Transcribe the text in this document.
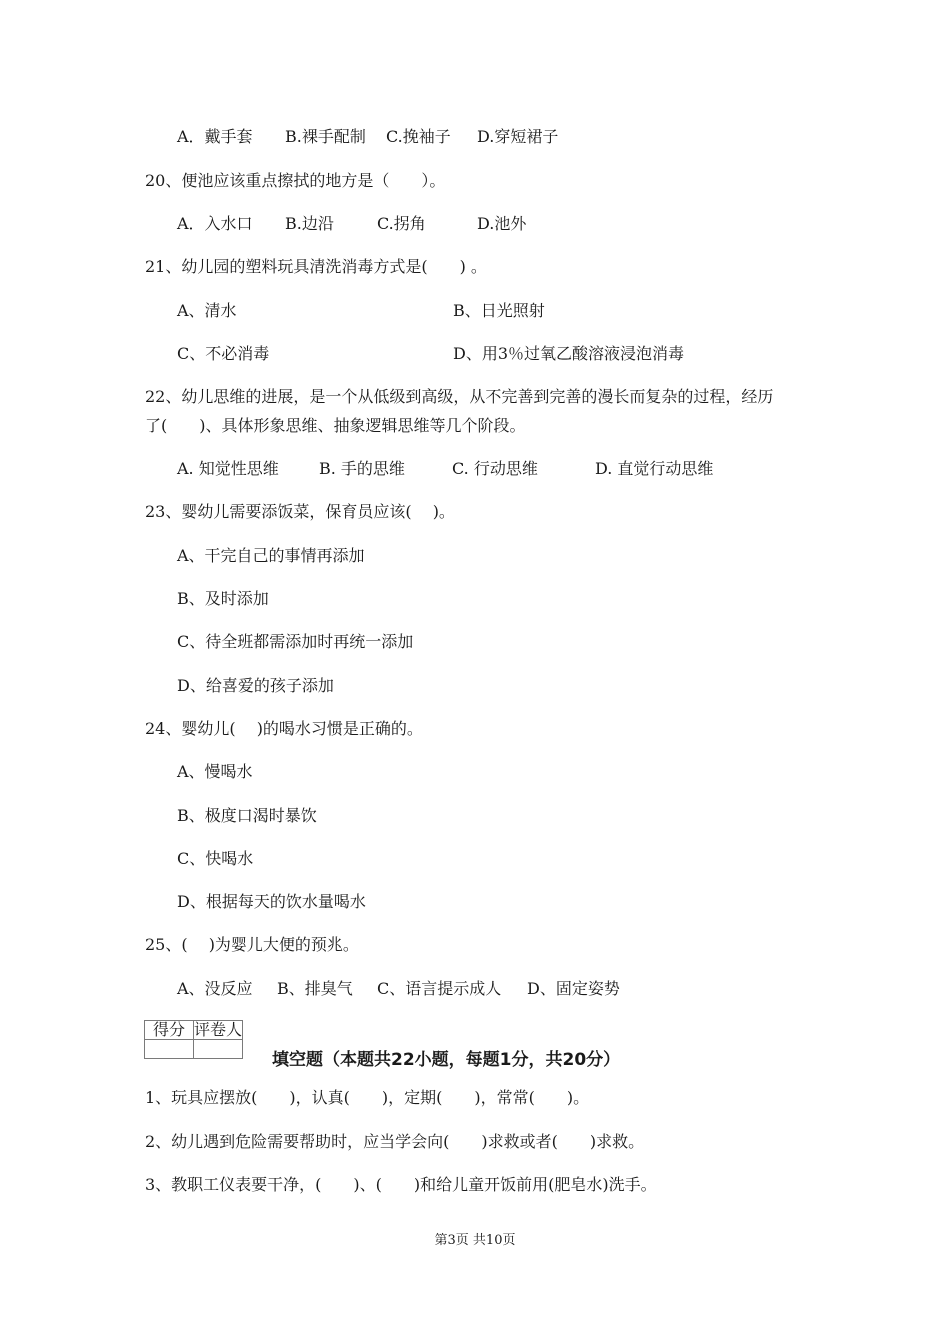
A．戴手套 B.裸手配制 C.挽袖子 D.穿短裙子
20、便池应该重点擦拭的地方是（　　）。
A．入水口 B.边沿	C.拐角	D.池外
21、幼儿园的塑料玩具清洗消毒方式是(　　) 。
A、清水	B、日光照射
C、不必消毒	D、用3％过氧乙酸溶液浸泡消毒
22、幼儿思维的进展，是一个从低级到高级，从不完善到完善的漫长而复杂的过程，经历
了(　　)、具体形象思维、抽象逻辑思维等几个阶段。
A. 知觉性思维	B. 手的思维	C. 行动思维	D. 直觉行动思维
23、婴幼儿需要添饭菜，保育员应该(　 )。
A、干完自己的事情再添加
B、及时添加
C、待全班都需添加时再统一添加
D、给喜爱的孩子添加
24、婴幼儿(　 )的喝水习惯是正确的。
A、慢喝水
B、极度口渴时暴饮
C、快喝水
D、根据每天的饮水量喝水
25、(　 )为婴儿大便的预兆。
A、没反应 B、排臭气 C、语言提示成人 D、固定姿势
得分	评卷人

填空题（本题共22小题，每题1分，共20分）
1、玩具应摆放(　　)，认真(　　)，定期(　　)，常常(　　)。
2、幼儿遇到危险需要帮助时，应当学会向(　　)求救或者(　　)求救。
3、教职工仪表要干净，(　　)、(　　)和给儿童开饭前用(肥皂水)洗手。
第3页 共10页
